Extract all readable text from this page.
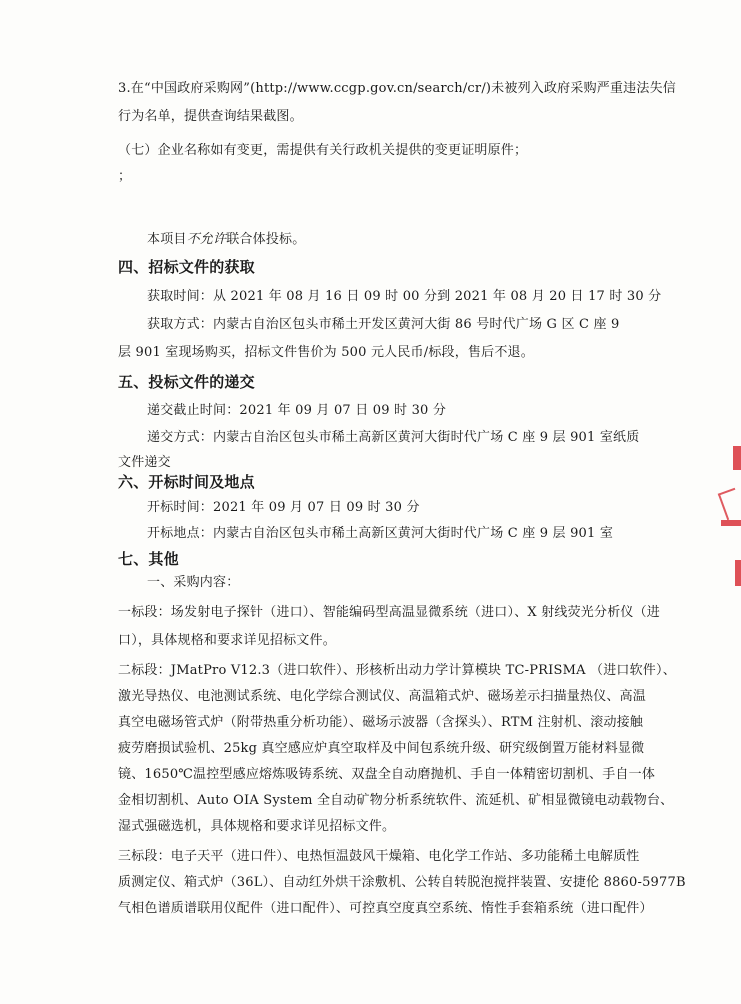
3.在“中国政府采购网”(http://www.ccgp.gov.cn/search/cr/)未被列入政府采购严重违法失信
行为名单，提供查询结果截图。
（七）企业名称如有变更，需提供有关行政机关提供的变更证明原件；
；
本项目不允许联合体投标。
四、招标文件的获取
获取时间：从 2021 年 08 月 16 日 09 时 00 分到 2021 年 08 月 20 日 17 时 30 分
获取方式：内蒙古自治区包头市稀土开发区黄河大街 86 号时代广场 G 区 C 座 9
层 901 室现场购买，招标文件售价为 500 元人民币/标段，售后不退。
五、投标文件的递交
递交截止时间：2021 年 09 月 07 日 09 时 30 分
递交方式：内蒙古自治区包头市稀土高新区黄河大街时代广场 C 座 9 层 901 室纸质
文件递交
六、开标时间及地点
开标时间：2021 年 09 月 07 日 09 时 30 分
开标地点：内蒙古自治区包头市稀土高新区黄河大街时代广场 C 座 9 层 901 室
七、其他
一、采购内容：
一标段：场发射电子探针（进口）、智能编码型高温显微系统（进口）、X 射线荧光分析仪（进
口），具体规格和要求详见招标文件。
二标段：JMatPro V12.3（进口软件）、形核析出动力学计算模块 TC-PRISMA （进口软件）、
激光导热仪、电池测试系统、电化学综合测试仪、高温箱式炉、磁场差示扫描量热仪、高温
真空电磁场管式炉（附带热重分析功能）、磁场示波器（含探头）、RTM 注射机、滚动接触
疲劳磨损试验机、25kg 真空感应炉真空取样及中间包系统升级、研究级倒置万能材料显微
镜、1650℃温控型感应熔炼吸铸系统、双盘全自动磨抛机、手自一体精密切割机、手自一体
金相切割机、Auto OIA System 全自动矿物分析系统软件、流延机、矿相显微镜电动载物台、
湿式强磁选机，具体规格和要求详见招标文件。
三标段：电子天平（进口件）、电热恒温鼓风干燥箱、电化学工作站、多功能稀土电解质性
质测定仪、箱式炉（36L）、自动红外烘干涂敷机、公转自转脱泡搅拌装置、安捷伦 8860-5977B
气相色谱质谱联用仪配件（进口配件）、可控真空度真空系统、惰性手套箱系统（进口配件）
